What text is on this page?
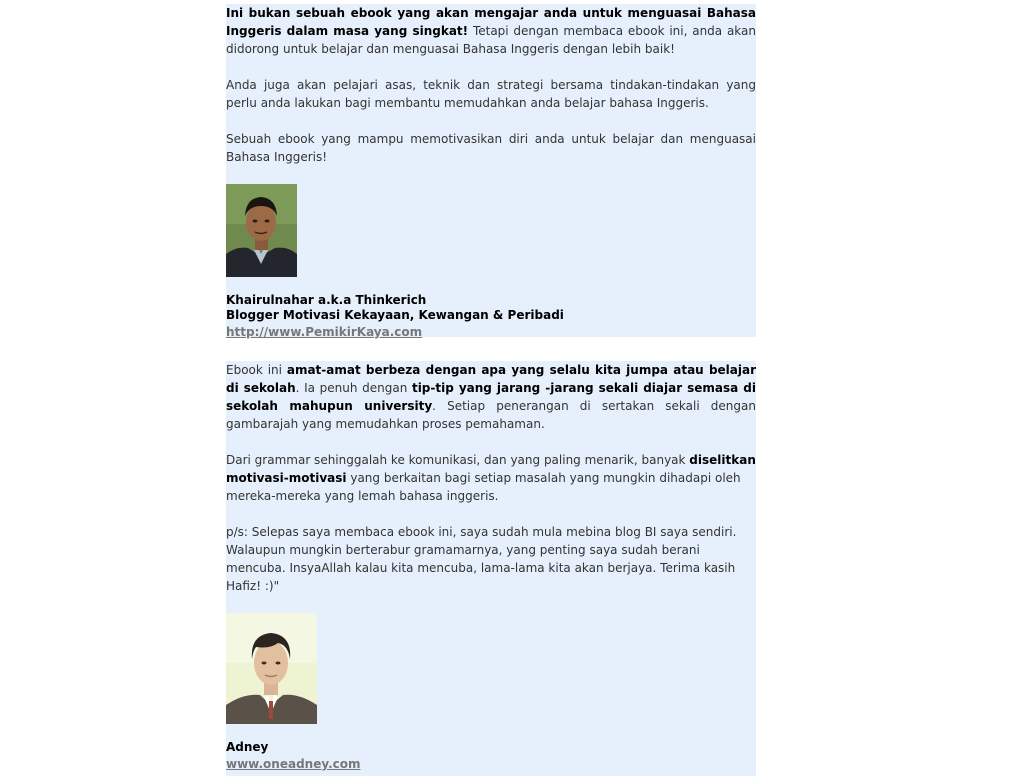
Ini bukan sebuah ebook yang akan mengajar anda untuk menguasai Bahasa Inggeris dalam masa yang singkat! Tetapi dengan membaca ebook ini, anda akan didorong untuk belajar dan menguasai Bahasa Inggeris dengan lebih baik!

Anda juga akan pelajari asas, teknik dan strategi bersama tindakan-tindakan yang perlu anda lakukan bagi membantu memudahkan anda belajar bahasa Inggeris.

Sebuah ebook yang mampu memotivasikan diri anda untuk belajar dan menguasai Bahasa Inggeris!

Khairulnahar a.k.a Thinkerich

Blogger Motivasi Kekayaan, Kewangan & Peribadi

http://www.PemikirKaya.com

Ebook ini amat-amat berbeza dengan apa yang selalu kita jumpa atau belajar di sekolah. Ia penuh dengan tip-tip yang jarang -jarang sekali diajar semasa di sekolah mahupun university. Setiap penerangan di sertakan sekali dengan gambarajah yang memudahkan proses pemahaman.

Dari grammar sehinggalah ke komunikasi, dan yang paling menarik, banyak diselitkan motivasi-motivasi yang berkaitan bagi setiap masalah yang mungkin dihadapi oleh mereka-mereka yang lemah bahasa inggeris.

p/s: Selepas saya membaca ebook ini, saya sudah mula mebina blog BI saya sendiri. Walaupun mungkin berterabur gramamarnya, yang penting saya sudah berani mencuba. InsyaAllah kalau kita mencuba, lama-lama kita akan berjaya. Terima kasih Hafiz! :)"

Adney

www.oneadney.com
